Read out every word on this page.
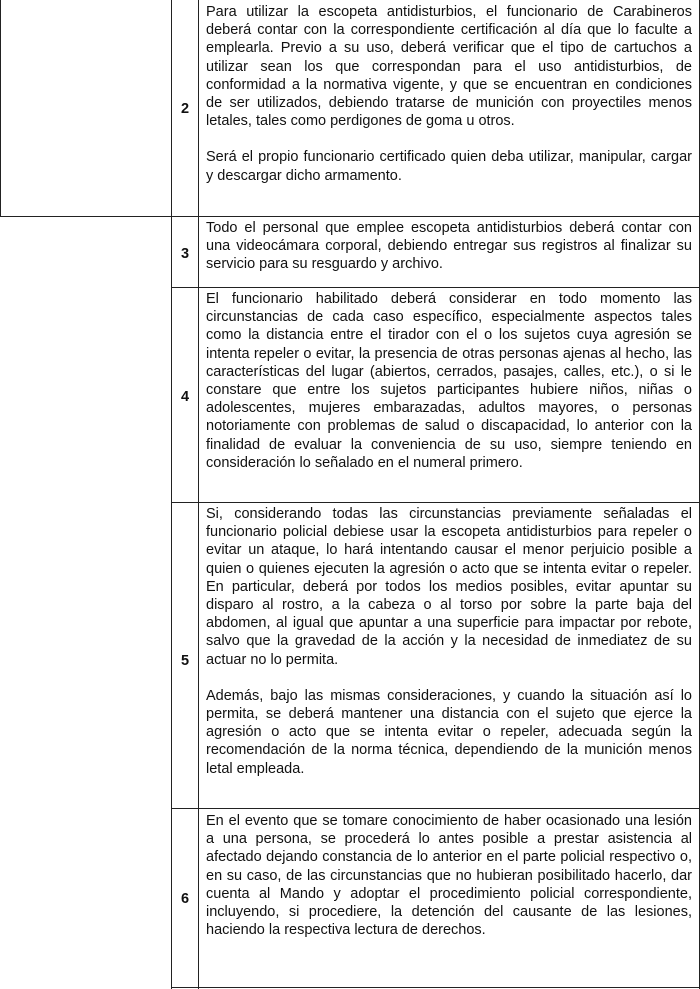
2

Para utilizar la escopeta antidisturbios, el funcionario de Carabineros deberá contar con la correspondiente certificación al día que lo faculte a emplearla. Previo a su uso, deberá verificar que el tipo de cartuchos a utilizar sean los que correspondan para el uso antidisturbios, de conformidad a la normativa vigente, y que se encuentran en condiciones de ser utilizados, debiendo tratarse de munición con proyectiles menos letales, tales como perdigones de goma u otros.

Será el propio funcionario certificado quien deba utilizar, manipular, cargar y descargar dicho armamento.

3

Todo el personal que emplee escopeta antidisturbios deberá contar con una videocámara corporal, debiendo entregar sus registros al finalizar su servicio para su resguardo y archivo.

4

El funcionario habilitado deberá considerar en todo momento las circunstancias de cada caso específico, especialmente aspectos tales como la distancia entre el tirador con el o los sujetos cuya agresión se intenta repeler o evitar, la presencia de otras personas ajenas al hecho, las características del lugar (abiertos, cerrados, pasajes, calles, etc.), o si le constare que entre los sujetos participantes hubiere niños, niñas o adolescentes, mujeres embarazadas, adultos mayores, o personas notoriamente con problemas de salud o discapacidad, lo anterior con la finalidad de evaluar la conveniencia de su uso, siempre teniendo en consideración lo señalado en el numeral primero.

5

Si, considerando todas las circunstancias previamente señaladas el funcionario policial debiese usar la escopeta antidisturbios para repeler o evitar un ataque, lo hará intentando causar el menor perjuicio posible a quien o quienes ejecuten la agresión o acto que se intenta evitar o repeler. En particular, deberá por todos los medios posibles, evitar apuntar su disparo al rostro, a la cabeza o al torso por sobre la parte baja del abdomen, al igual que apuntar a una superficie para impactar por rebote, salvo que la gravedad de la acción y la necesidad de inmediatez de su actuar no lo permita.

Además, bajo las mismas consideraciones, y cuando la situación así lo permita, se deberá mantener una distancia con el sujeto que ejerce la agresión o acto que se intenta evitar o repeler, adecuada según la recomendación de la norma técnica, dependiendo de la munición menos letal empleada.

6

En el evento que se tomare conocimiento de haber ocasionado una lesión a una persona, se procederá lo antes posible a prestar asistencia al afectado dejando constancia de lo anterior en el parte policial respectivo o, en su caso, de las circunstancias que no hubieran posibilitado hacerlo, dar cuenta al Mando y adoptar el procedimiento policial correspondiente, incluyendo, si procediere, la detención del causante de las lesiones, haciendo la respectiva lectura de derechos.
